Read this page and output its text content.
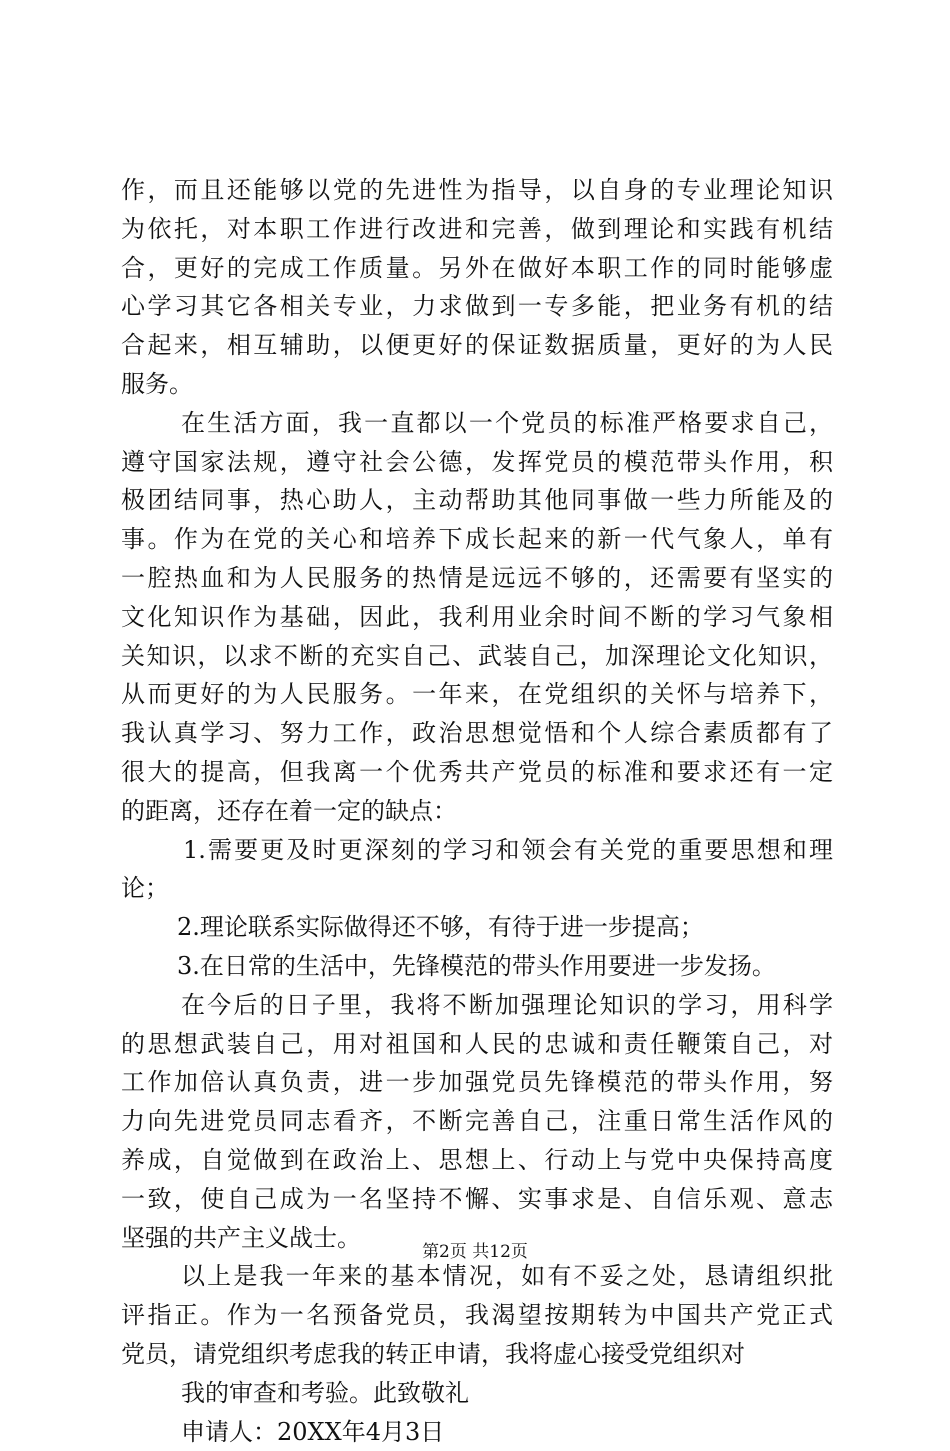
作，而且还能够以党的先进性为指导，以自身的专业理论知识
为依托，对本职工作进行改进和完善，做到理论和实践有机结
合，更好的完成工作质量。另外在做好本职工作的同时能够虚
心学习其它各相关专业，力求做到一专多能，把业务有机的结
合起来，相互辅助，以便更好的保证数据质量，更好的为人民
服务。
在生活方面，我一直都以一个党员的标准严格要求自己，
遵守国家法规，遵守社会公德，发挥党员的模范带头作用，积
极团结同事，热心助人，主动帮助其他同事做一些力所能及的
事。作为在党的关心和培养下成长起来的新一代气象人，单有
一腔热血和为人民服务的热情是远远不够的，还需要有坚实的
文化知识作为基础，因此，我利用业余时间不断的学习气象相
关知识，以求不断的充实自己、武装自己，加深理论文化知识，
从而更好的为人民服务。一年来，在党组织的关怀与培养下，
我认真学习、努力工作，政治思想觉悟和个人综合素质都有了
很大的提高，但我离一个优秀共产党员的标准和要求还有一定
的距离，还存在着一定的缺点：
1.需要更及时更深刻的学习和领会有关党的重要思想和理
论；
2.理论联系实际做得还不够，有待于进一步提高；
3.在日常的生活中，先锋模范的带头作用要进一步发扬。
在今后的日子里，我将不断加强理论知识的学习，用科学
的思想武装自己，用对祖国和人民的忠诚和责任鞭策自己，对
工作加倍认真负责，进一步加强党员先锋模范的带头作用，努
力向先进党员同志看齐，不断完善自己，注重日常生活作风的
养成，自觉做到在政治上、思想上、行动上与党中央保持高度
一致，使自己成为一名坚持不懈、实事求是、自信乐观、意志
坚强的共产主义战士。
以上是我一年来的基本情况，如有不妥之处，恳请组织批
评指正。作为一名预备党员，我渴望按期转为中国共产党正式
党员，请党组织考虑我的转正申请，我将虚心接受党组织对
我的审查和考验。此致敬礼
申请人：20XX年4月3日
第2页 共12页
